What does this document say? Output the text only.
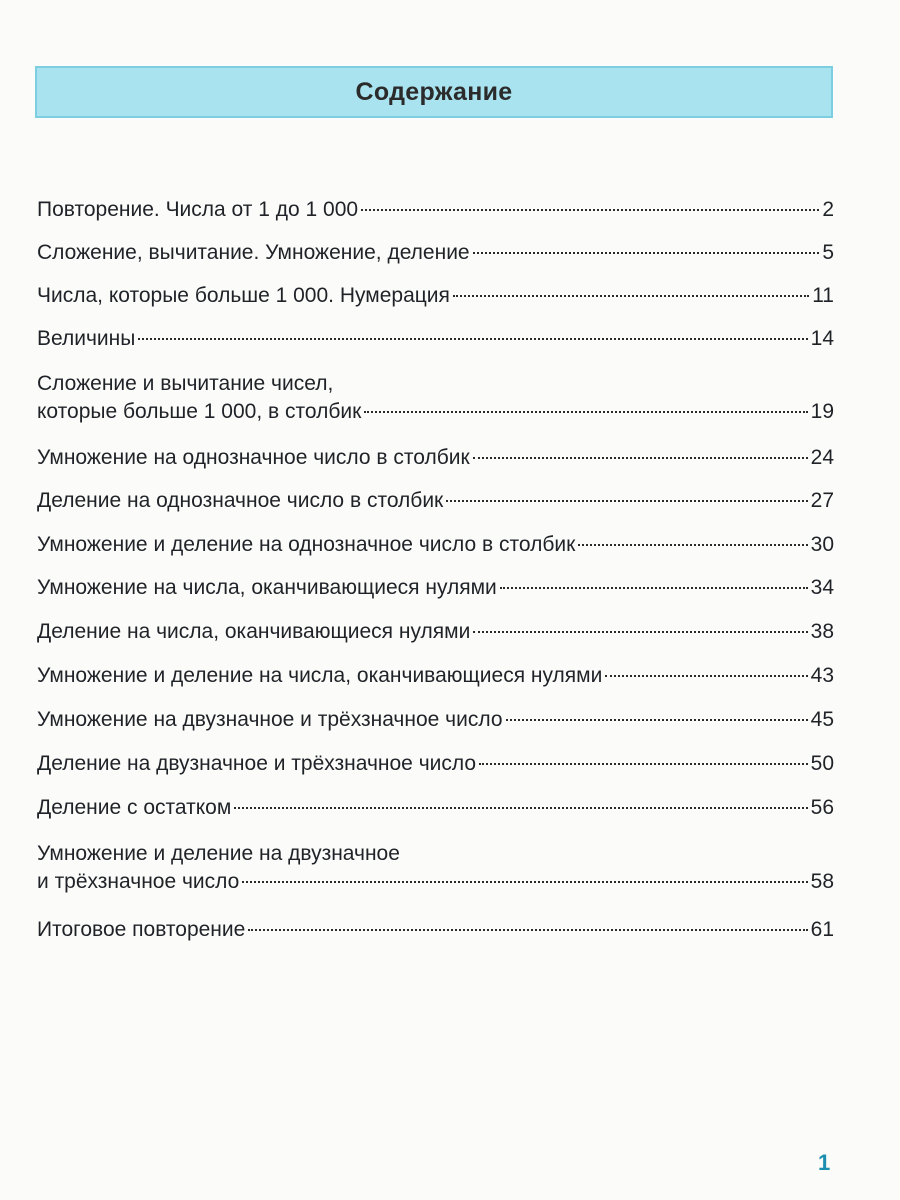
Содержание
Повторение. Числа от 1 до 1 000	2
Сложение, вычитание. Умножение, деление	5
Числа, которые больше 1 000. Нумерация	11
Величины	14
Сложение и вычитание чисел,
которые больше 1 000, в столбик	19
Умножение на однозначное число в столбик	24
Деление на однозначное число в столбик	27
Умножение и деление на однозначное число в столбик	30
Умножение на числа, оканчивающиеся нулями	34
Деление на числа, оканчивающиеся нулями	38
Умножение и деление на числа, оканчивающиеся нулями	43
Умножение на двузначное и трёхзначное число	45
Деление на двузначное и трёхзначное число	50
Деление с остатком	56
Умножение и деление на двузначное
и трёхзначное число	58
Итоговое повторение	61
1
